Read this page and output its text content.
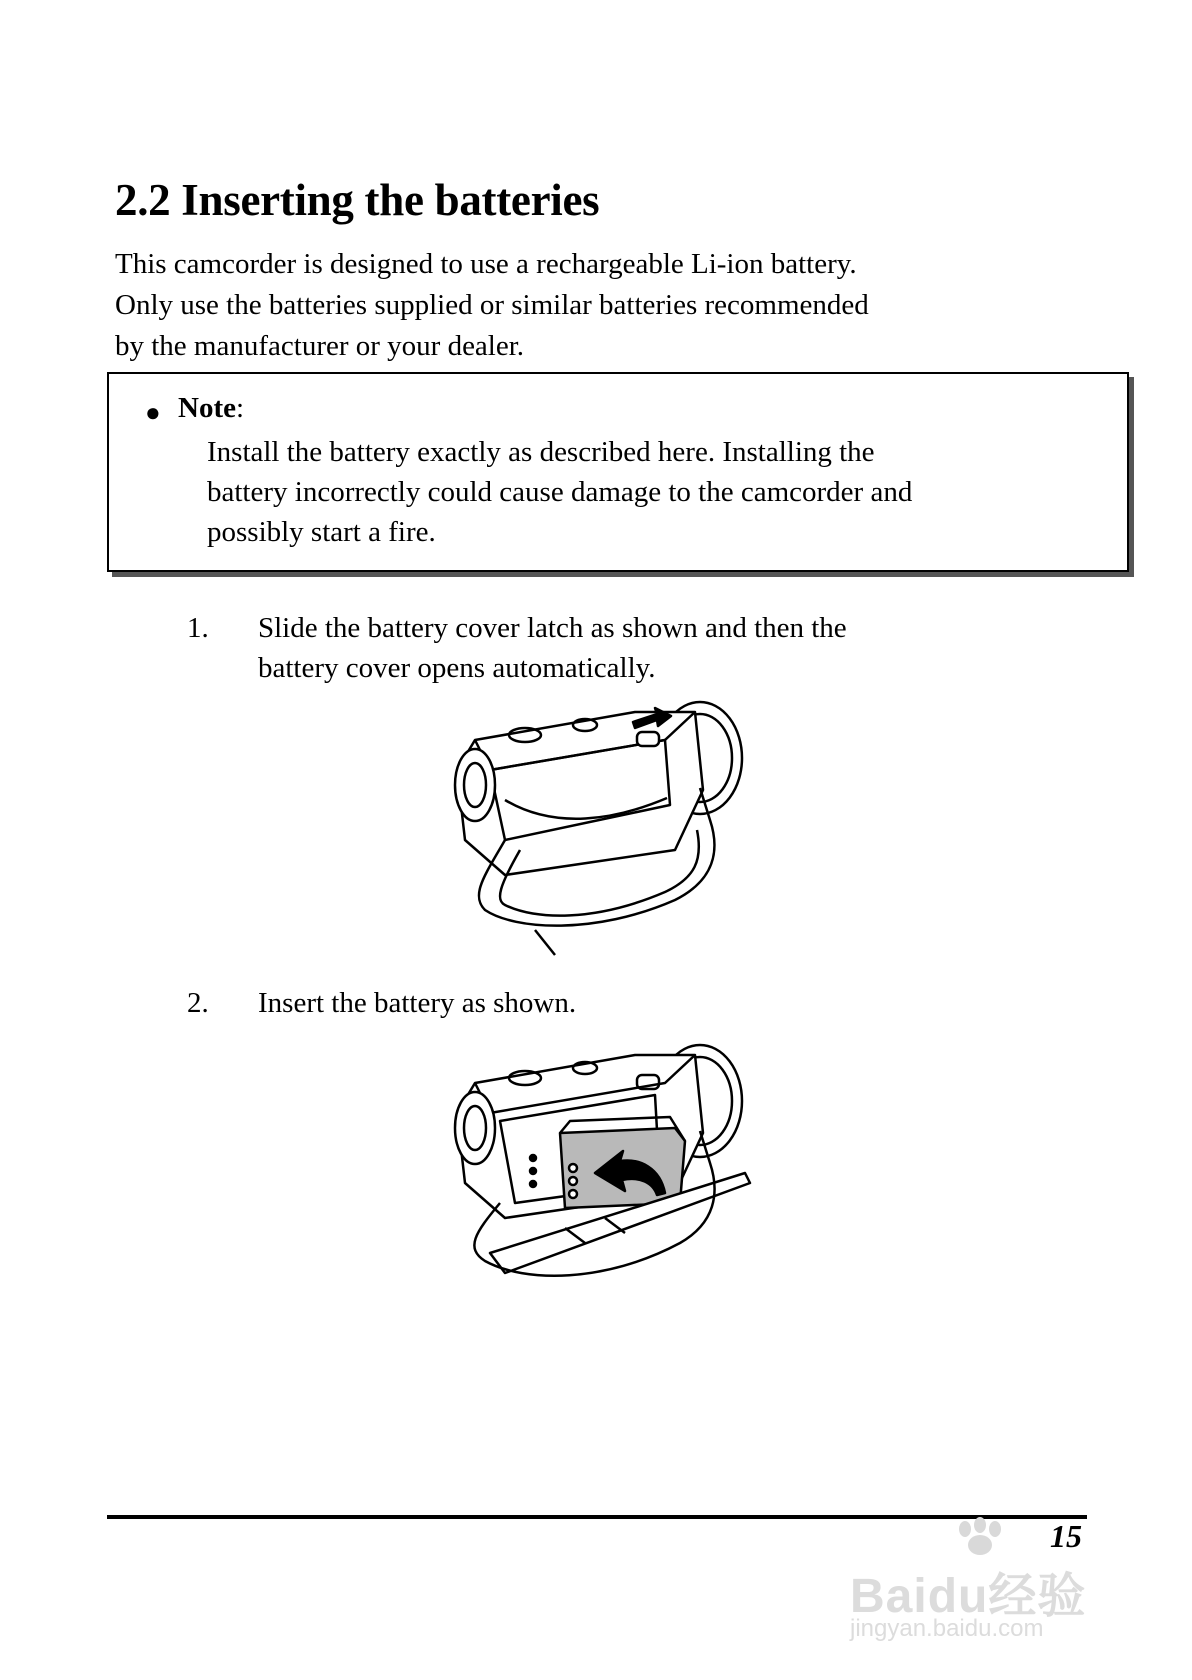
2.2 Inserting the batteries
This camcorder is designed to use a rechargeable Li-ion battery.
Only use the batteries supplied or similar batteries recommended
by the manufacturer or your dealer.
● Note:
Install the battery exactly as described here. Installing the
battery incorrectly could cause damage to the camcorder and
possibly start a fire.
1. Slide the battery cover latch as shown and then the
battery cover opens automatically.
2. Insert the battery as shown.
15
Baidu经验
jingyan.baidu.com
